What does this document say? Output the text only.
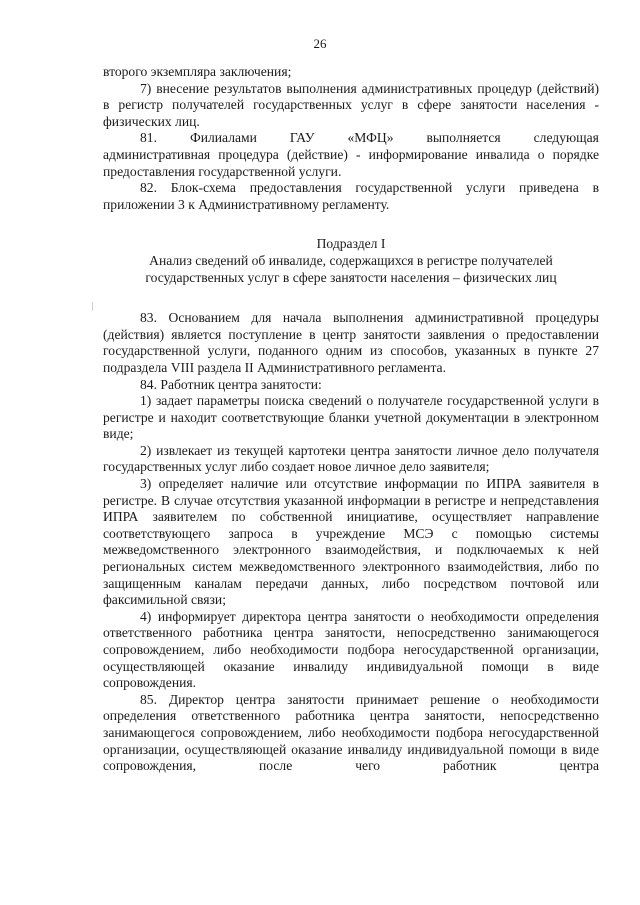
26

второго экземпляра заключения;

7) внесение результатов выполнения административных процедур (действий) в регистр получателей государственных услуг в сфере занятости населения - физических лиц.

81. Филиалами ГАУ «МФЦ» выполняется следующая

административная процедура (действие) - информирование инвалида о порядке предоставления государственной услуги.

82. Блок-схема предоставления государственной услуги приведена в приложении 3 к Административному регламенту.

Подраздел I

Анализ сведений об инвалиде, содержащихся в регистре получателей государственных услуг в сфере занятости населения – физических лиц

83. Основанием для начала выполнения административной процедуры (действия) является поступление в центр занятости заявления о предоставлении государственной услуги, поданного одним из способов, указанных в пункте 27 подраздела VIII раздела II Административного регламента.

84. Работник центра занятости:

1) задает параметры поиска сведений о получателе государственной услуги в регистре и находит соответствующие бланки учетной документации в электронном виде;

2) извлекает из текущей картотеки центра занятости личное дело получателя государственных услуг либо создает новое личное дело заявителя;

3) определяет наличие или отсутствие информации по ИПРА заявителя в регистре. В случае отсутствия указанной информации в регистре и непредставления ИПРА заявителем по собственной инициативе, осуществляет направление соответствующего запроса в учреждение МСЭ с помощью системы межведомственного электронного взаимодействия, и подключаемых к ней региональных систем межведомственного электронного взаимодействия, либо по защищенным каналам передачи данных, либо посредством почтовой или факсимильной связи;

4) информирует директора центра занятости о необходимости определения ответственного работника центра занятости, непосредственно занимающегося сопровождением, либо необходимости подбора негосударственной организации, осуществляющей оказание инвалиду индивидуальной помощи в виде сопровождения.

85. Директор центра занятости принимает решение о необходимости определения ответственного работника центра занятости, непосредственно занимающегося сопровождением, либо необходимости подбора негосударственной организации, осуществляющей оказание инвалиду индивидуальной помощи в виде сопровождения, после чего работник центра
